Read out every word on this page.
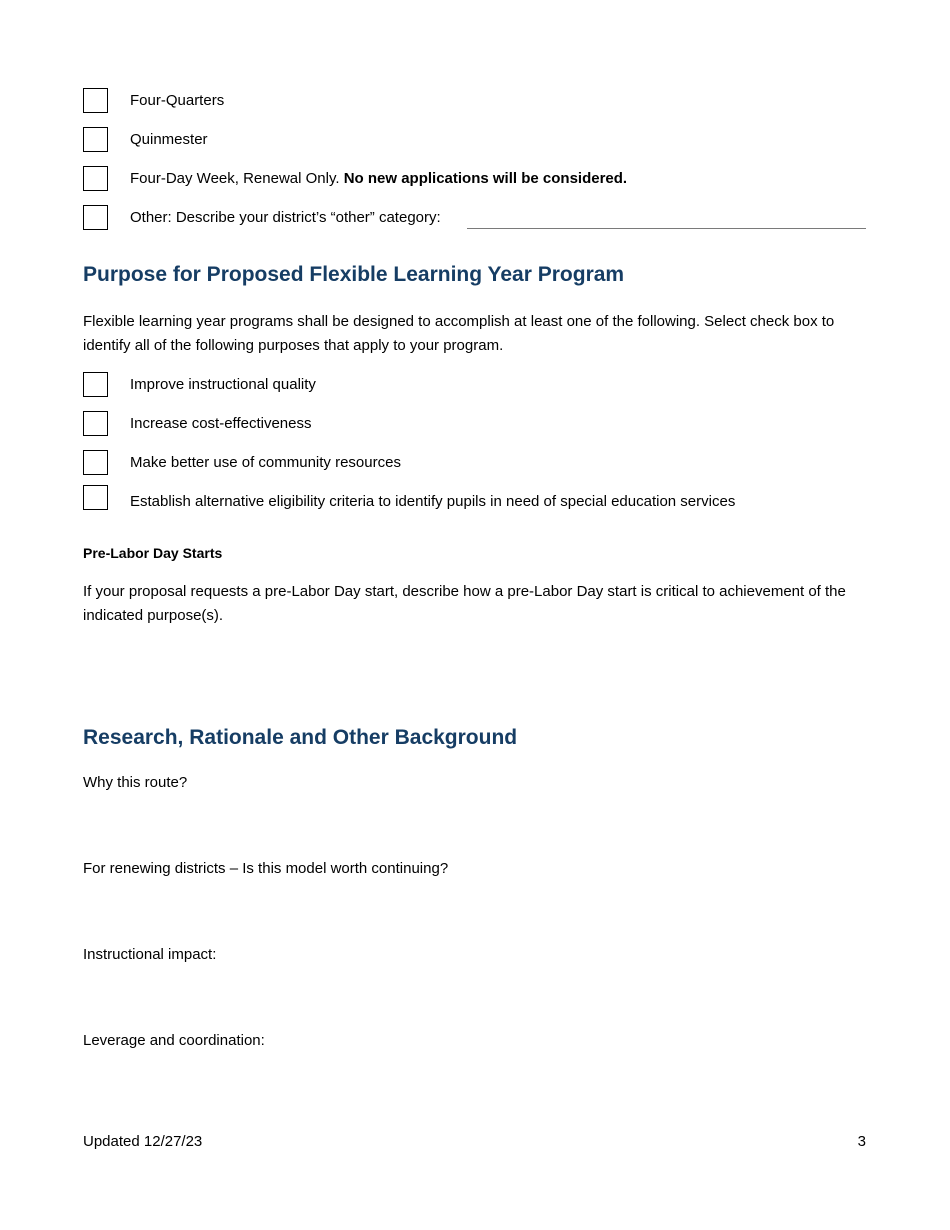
Four-Quarters
Quinmester
Four-Day Week, Renewal Only. No new applications will be considered.
Other: Describe your district’s “other” category:
Purpose for Proposed Flexible Learning Year Program
Flexible learning year programs shall be designed to accomplish at least one of the following. Select check box to identify all of the following purposes that apply to your program.
Improve instructional quality
Increase cost-effectiveness
Make better use of community resources
Establish alternative eligibility criteria to identify pupils in need of special education services
Pre-Labor Day Starts
If your proposal requests a pre-Labor Day start, describe how a pre-Labor Day start is critical to achievement of the indicated purpose(s).
Research, Rationale and Other Background
Why this route?
For renewing districts – Is this model worth continuing?
Instructional impact:
Leverage and coordination:
Updated 12/27/23	3
